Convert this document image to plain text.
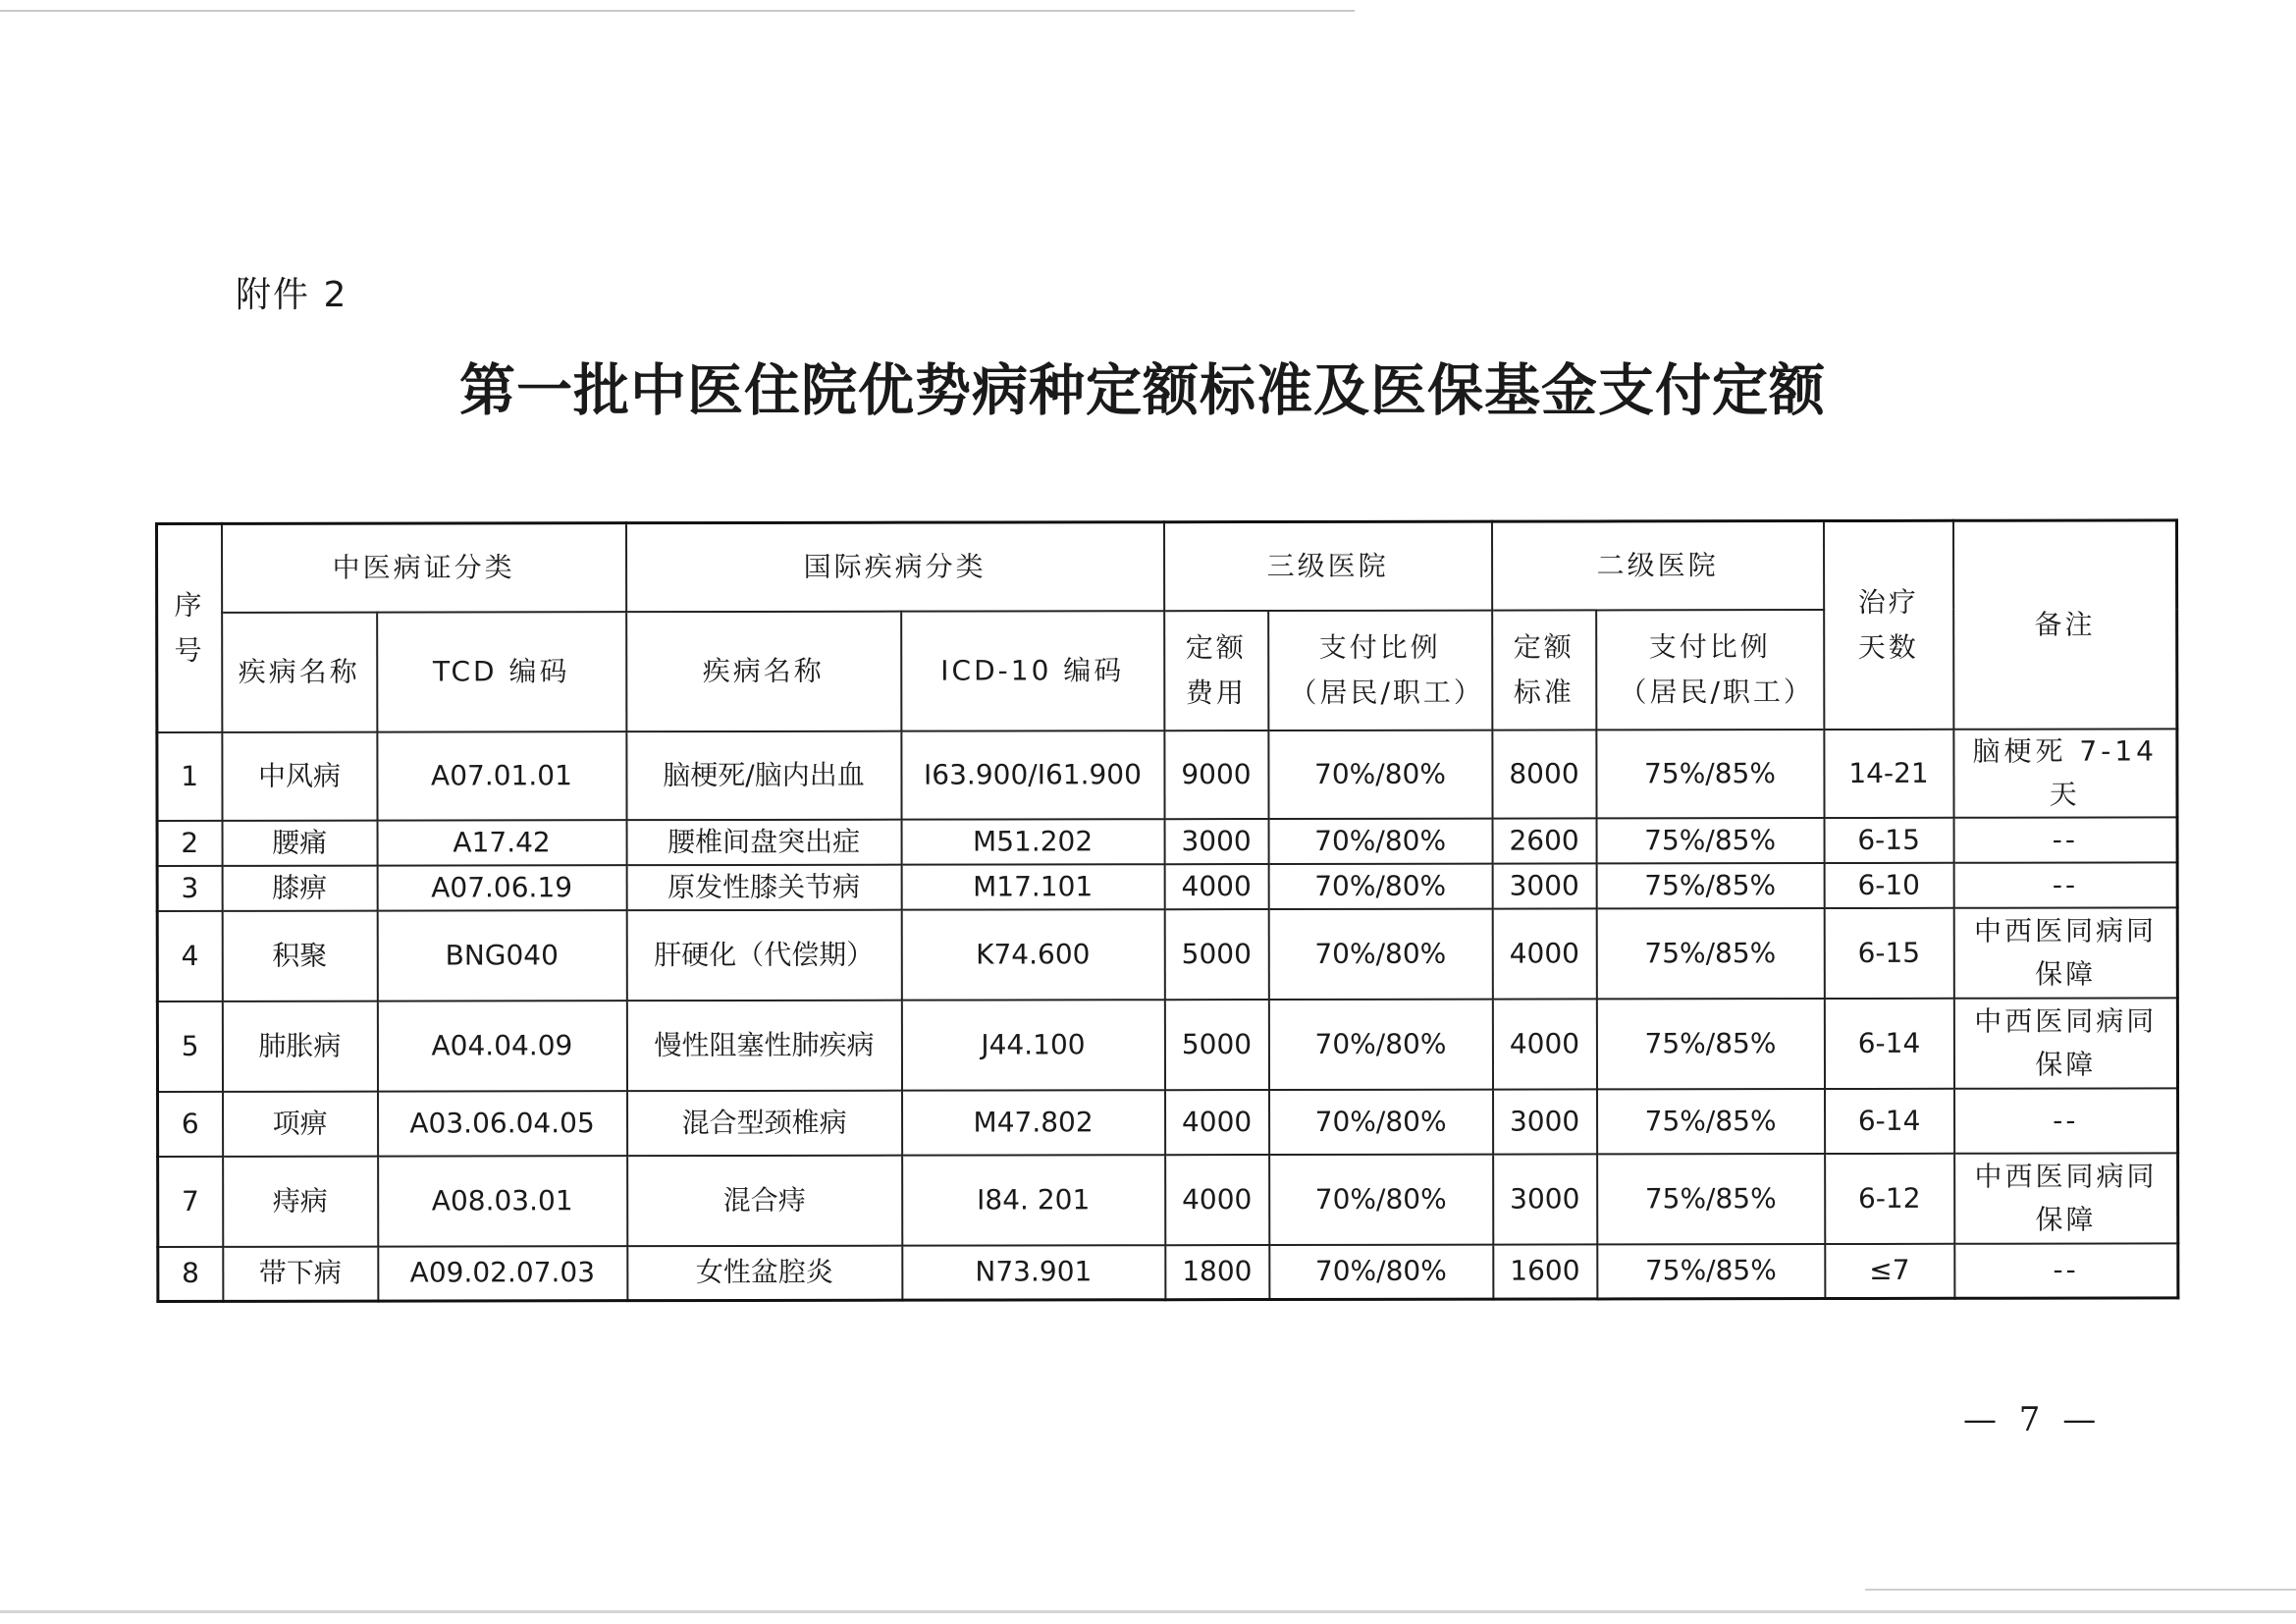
附件 2
第一批中医住院优势病种定额标准及医保基金支付定额
序号	中医病证分类		国际疾病分类		三级医院		二级医院		治疗天数	备注
	疾病名称	TCD 编码	疾病名称	ICD-10 编码	定额费用	支付比例（居民/职工）	定额标准	支付比例（居民/职工）		
1	中风病	A07.01.01	脑梗死/脑内出血	I63.900/I61.900	9000	70%/80%	8000	75%/85%	14-21	脑梗死 7-14 天
2	腰痛	A17.42	腰椎间盘突出症	M51.202	3000	70%/80%	2600	75%/85%	6-15	--
3	膝痹	A07.06.19	原发性膝关节病	M17.101	4000	70%/80%	3000	75%/85%	6-10	--
4	积聚	BNG040	肝硬化（代偿期）	K74.600	5000	70%/80%	4000	75%/85%	6-15	中西医同病同保障
5	肺胀病	A04.04.09	慢性阻塞性肺疾病	J44.100	5000	70%/80%	4000	75%/85%	6-14	中西医同病同保障
6	项痹	A03.06.04.05	混合型颈椎病	M47.802	4000	70%/80%	3000	75%/85%	6-14	--
7	痔病	A08.03.01	混合痔	I84. 201	4000	70%/80%	3000	75%/85%	6-12	中西医同病同保障
8	带下病	A09.02.07.03	女性盆腔炎	N73.901	1800	70%/80%	1600	75%/85%	≤7	--
— 7 —
